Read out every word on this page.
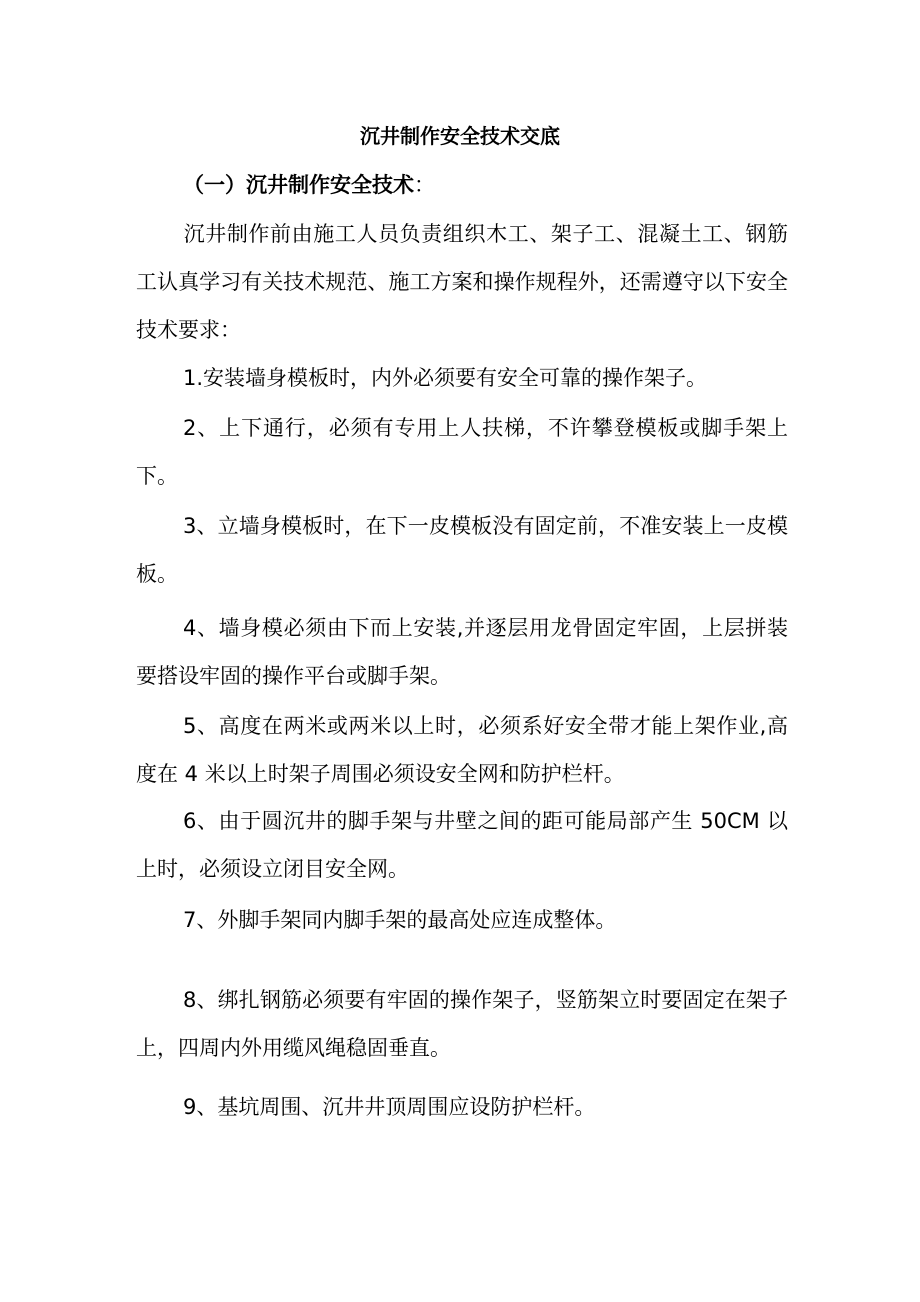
沉井制作安全技术交底
（一）沉井制作安全技术：
沉井制作前由施工人员负责组织木工、架子工、混凝土工、钢筋工认真学习有关技术规范、施工方案和操作规程外，还需遵守以下安全技术要求：
1.安装墙身模板时，内外必须要有安全可靠的操作架子。
2、上下通行，必须有专用上人扶梯，不许攀登模板或脚手架上下。
3、立墙身模板时，在下一皮模板没有固定前，不准安装上一皮模板。
4、墙身模必须由下而上安装,并逐层用龙骨固定牢固，上层拼装要搭设牢固的操作平台或脚手架。
5、高度在两米或两米以上时，必须系好安全带才能上架作业,高度在 4 米以上时架子周围必须设安全网和防护栏杆。
6、由于圆沉井的脚手架与井壁之间的距可能局部产生 50CM 以上时，必须设立闭目安全网。
7、外脚手架同内脚手架的最高处应连成整体。
8、绑扎钢筋必须要有牢固的操作架子，竖筋架立时要固定在架子上，四周内外用缆风绳稳固垂直。
9、基坑周围、沉井井顶周围应设防护栏杆。
